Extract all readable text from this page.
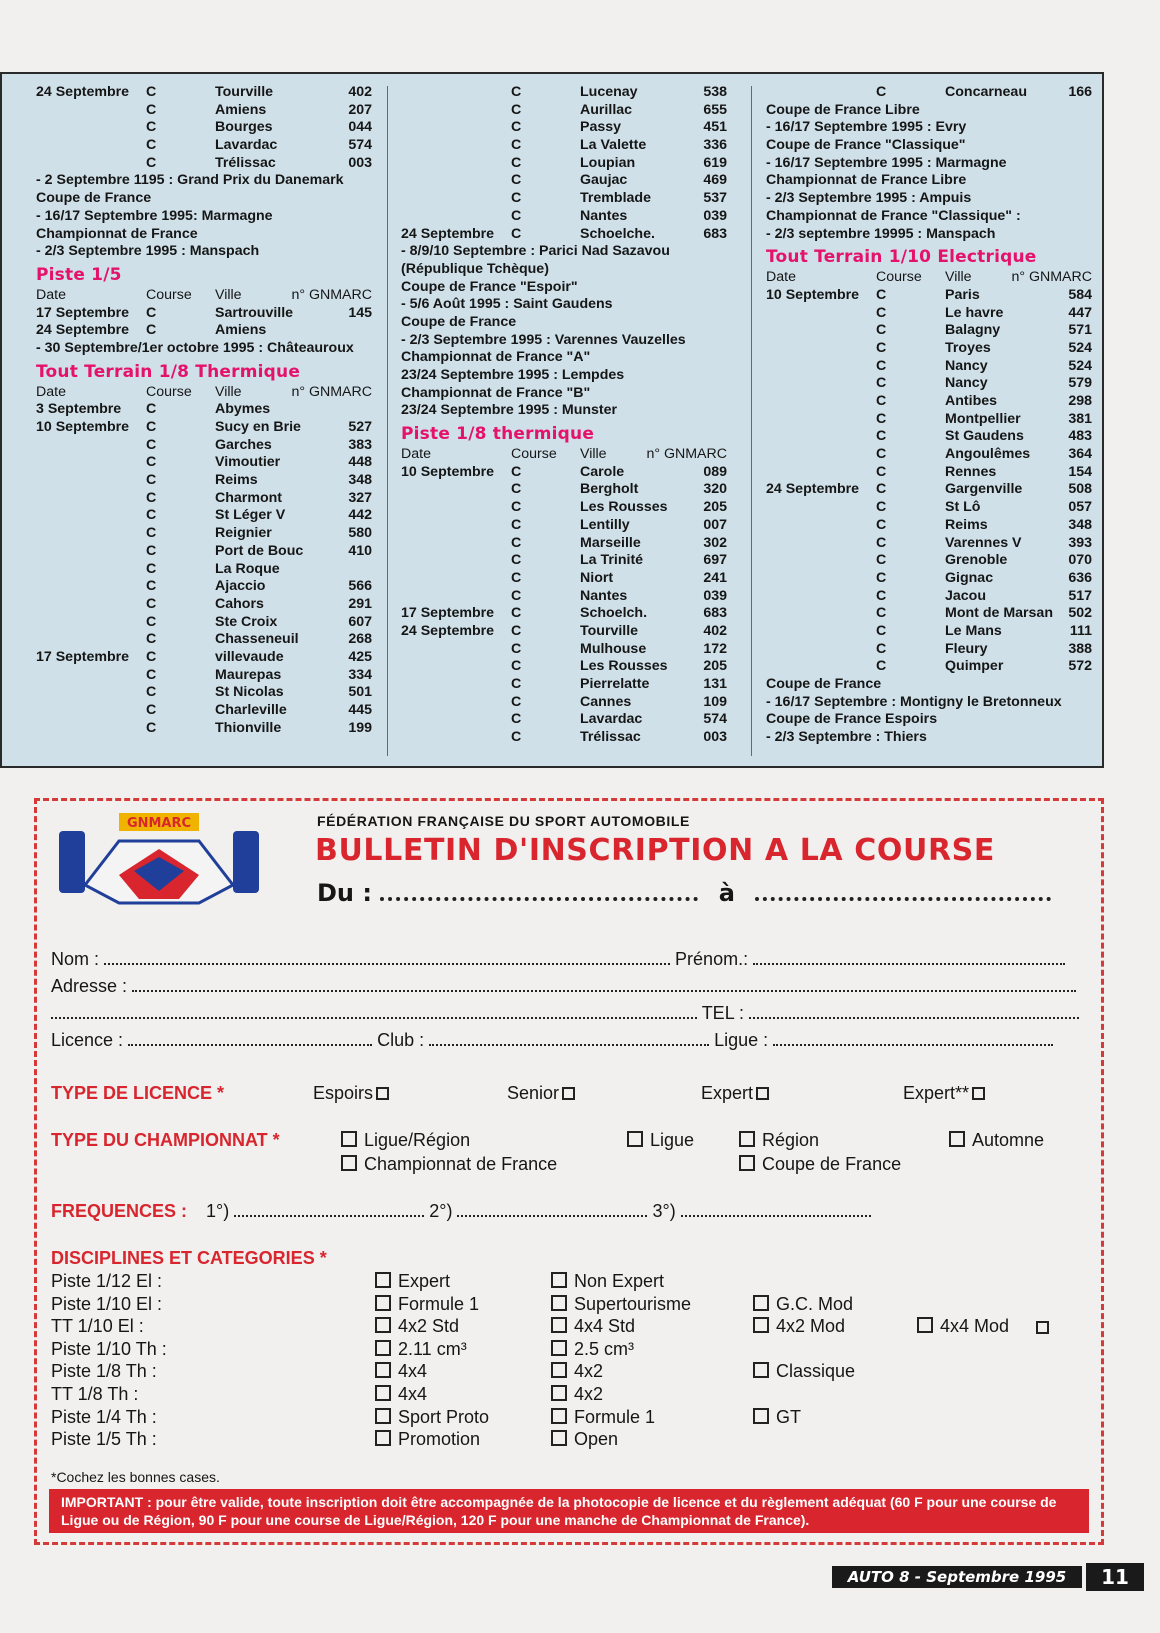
24 Septembre C	Tourville	402
C	Amiens	207
C	Bourges	044
C	Lavardac	574
C	Trélissac	003
- 2 Septembre 1195 : Grand Prix du Danemark
Coupe de France
- 16/17 Septembre 1995: Marmagne
Championnat de France
- 2/3 Septembre 1995 : Manspach
Piste 1/5
Date	Course Ville	n° GNMARC
17 Septembre C	Sartrouville	145
24 Septembre C	Amiens
- 30 Septembre/1er octobre 1995 : Châteauroux
Tout Terrain 1/8 Thermique
Date	Course Ville	n° GNMARC
3 Septembre C	Abymes
10 Septembre C	Sucy en Brie	527
C	Garches	383
C	Vimoutier	448
C	Reims	348
C	Charmont	327
C	St Léger V	442
C	Reignier	580
C	Port de Bouc	410
C	La Roque
C	Ajaccio	566
C	Cahors	291
C	Ste Croix	607
C	Chasseneuil	268
17 Septembre C	villevaude	425
C	Maurepas	334
C	St Nicolas	501
C	Charleville	445
C	Thionville	199
C	Lucenay	538
C	Aurillac	655
C	Passy	451
C	La Valette	336
C	Loupian	619
C	Gaujac	469
C	Tremblade	537
C	Nantes	039
24 Septembre C	Schoelche.	683
- 8/9/10 Septembre : Parici Nad Sazavou (République Tchèque)
Coupe de France "Espoir"
- 5/6 Août 1995 : Saint Gaudens
Coupe de France
- 2/3 Septembre 1995 : Varennes Vauzelles
Championnat de France "A"
23/24 Septembre 1995 : Lempdes
Championnat de France "B"
23/24 Septembre 1995 : Munster
Piste 1/8 thermique
Date	Course Ville	n° GNMARC
10 Septembre C	Carole	089
C	Bergholt	320
C	Les Rousses	205
C	Lentilly	007
C	Marseille	302
C	La Trinité	697
C	Niort	241
C	Nantes	039
17 Septembre C	Schoelch.	683
24 Septembre C	Tourville	402
C	Mulhouse	172
C	Les Rousses	205
C	Pierrelatte	131
C	Cannes	109
C	Lavardac	574
C	Trélissac	003
C	Concarneau	166
Coupe de France Libre
- 16/17 Septembre 1995 : Evry
Coupe de France "Classique"
- 16/17 Septembre 1995 : Marmagne
Championnat de France Libre
- 2/3 Septembre 1995 : Ampuis
Championnat de France "Classique" :
- 2/3 septembre 19995 : Manspach
Tout Terrain 1/10 Electrique
Date	Course Ville	n° GNMARC
10 Septembre C	Paris	584
C	Le havre	447
C	Balagny	571
C	Troyes	524
C	Nancy	524
C	Nancy	579
C	Antibes	298
C	Montpellier	381
C	St Gaudens	483
C	Angoulêmes	364
C	Rennes	154
24 Septembre C	Gargenville	508
C	St Lô	057
C	Reims	348
C	Varennes V	393
C	Grenoble	070
C	Gignac	636
C	Jacou	517
C	Mont de Marsan 502
C	Le Mans	111
C	Fleury	388
C	Quimper	572
Coupe de France
- 16/17 Septembre : Montigny le Bretonneux
Coupe de France Espoirs
- 2/3 Septembre : Thiers
GNMARC	FÉDÉRATION FRANÇAISE DU SPORT AUTOMOBILE
BULLETIN D'INSCRIPTION A LA COURSE
Du :	à
Nom :	Prénom.:
Adresse :
TEL :
Licence :	Club :	Ligue :
TYPE DE LICENCE *	Espoirs	Senior	Expert	Expert**
TYPE DU CHAMPIONNAT *	Ligue/Région	Ligue	Région	Automne
Championnat de France	Coupe de France
FREQUENCES : 1°)	2°)	3°)
DISCIPLINES ET CATEGORIES *
Piste 1/12 El :	Expert	Non Expert
Piste 1/10 El :	Formule 1	Supertourisme	G.C. Mod
TT 1/10 El :	4x2 Std	4x4 Std	4x2 Mod	4x4 Mod
Piste 1/10 Th :	2.11 cm³	2.5 cm³
Piste 1/8 Th :	4x4	4x2	Classique
TT 1/8 Th :	4x4	4x2
Piste 1/4 Th :	Sport Proto	Formule 1	GT
Piste 1/5 Th :	Promotion	Open
*Cochez les bonnes cases.
IMPORTANT : pour être valide, toute inscription doit être accompagnée de la photocopie de licence et du règlement adéquat (60 F pour une course de Ligue ou de Région, 90 F pour une course de Ligue/Région, 120 F pour une manche de Championnat de France).
AUTO 8 - Septembre 1995	11
